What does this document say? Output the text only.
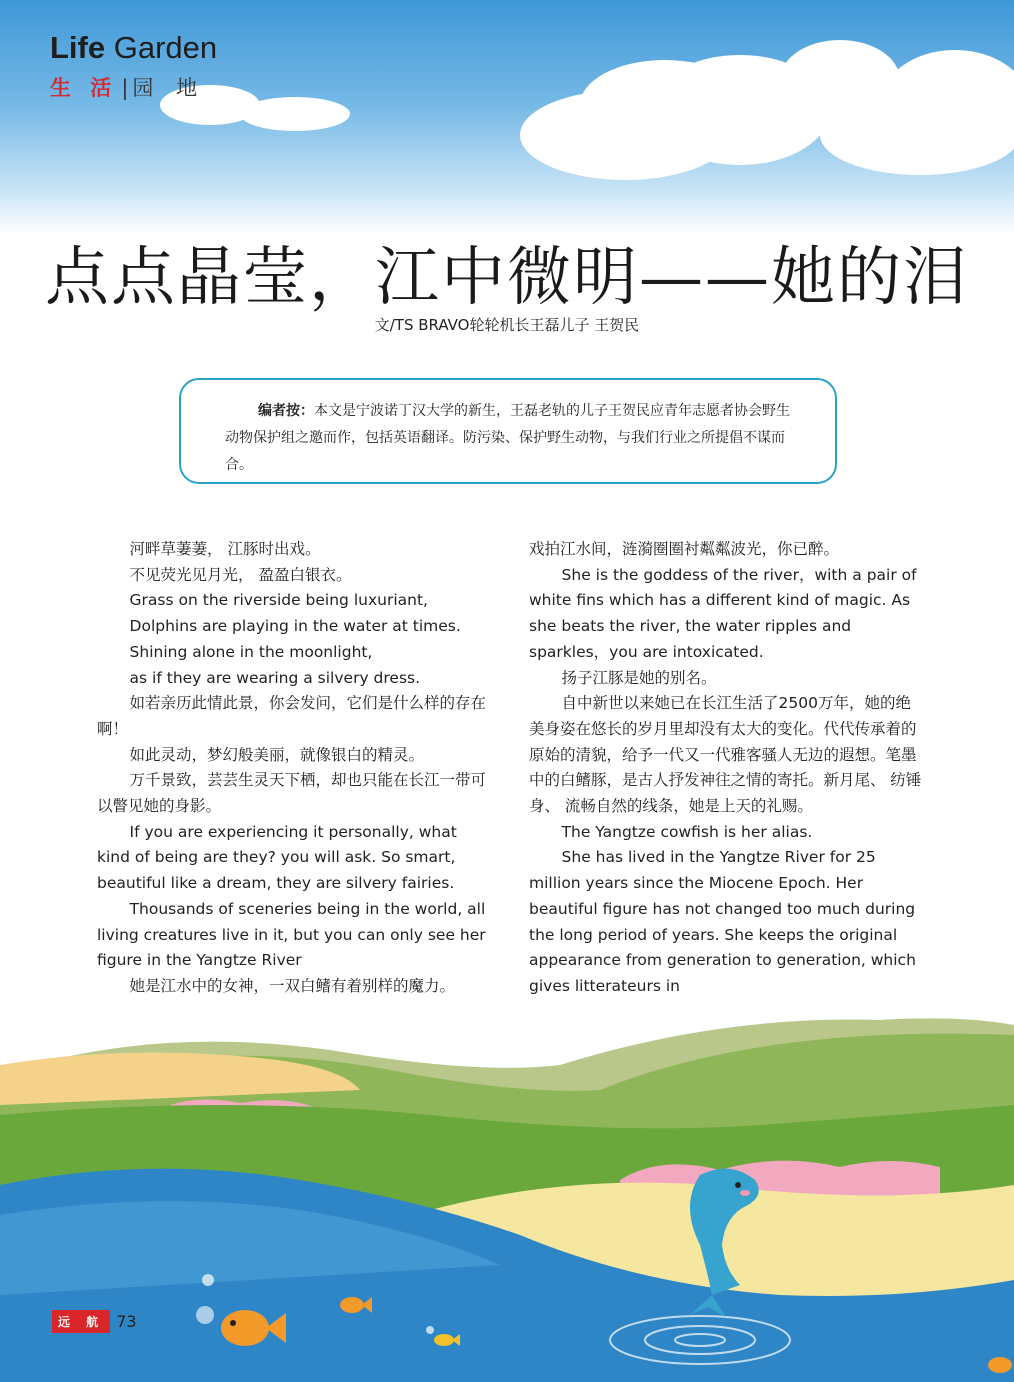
Life Garden
生 活 | 园 地
点点晶莹，江中微明——她的泪
文/TS BRAVO轮轮机长王磊儿子 王贺民
编者按：本文是宁波诺丁汉大学的新生，王磊老轨的儿子王贺民应青年志愿者协会野生动物保护组之邀而作，包括英语翻译。防污染、保护野生动物，与我们行业之所提倡不谋而合。

河畔草萋萋， 江豚时出戏。

不见荧光见月光， 盈盈白银衣。

Grass on the riverside being luxuriant,

Dolphins are playing in the water at times.

Shining alone in the moonlight,

as if they are wearing a silvery dress.

如若亲历此情此景，你会发问，它们是什么样的存在啊！

如此灵动，梦幻般美丽，就像银白的精灵。

万千景致，芸芸生灵天下栖，却也只能在长江一带可以瞥见她的身影。

If you are experiencing it personally, what kind of being are they? you will ask. So smart, beautiful like a dream, they are silvery fairies.

Thousands of sceneries being in the world, all living creatures live in it, but you can only see her figure in the Yangtze River

她是江水中的女神，一双白鳍有着别样的魔力。

戏拍江水间，涟漪圈圈衬粼粼波光，你已醉。

She is the goddess of the river，with a pair of white fins which has a different kind of magic. As she beats the river, the water ripples and sparkles，you are intoxicated.

扬子江豚是她的别名。

自中新世以来她已在长江生活了2500万年，她的绝美身姿在悠长的岁月里却没有太大的变化。代代传承着的原始的清貌，给予一代又一代雅客骚人无边的遐想。笔墨中的白鳍豚，是古人抒发神往之情的寄托。新月尾、 纺锤身、 流畅自然的线条，她是上天的礼赐。

The Yangtze cowfish is her alias.

She has lived in the Yangtze River for 25 million years since the Miocene Epoch. Her beautiful figure has not changed too much during the long period of years. She keeps the original appearance from generation to generation, which gives litterateurs in

远 航 73
